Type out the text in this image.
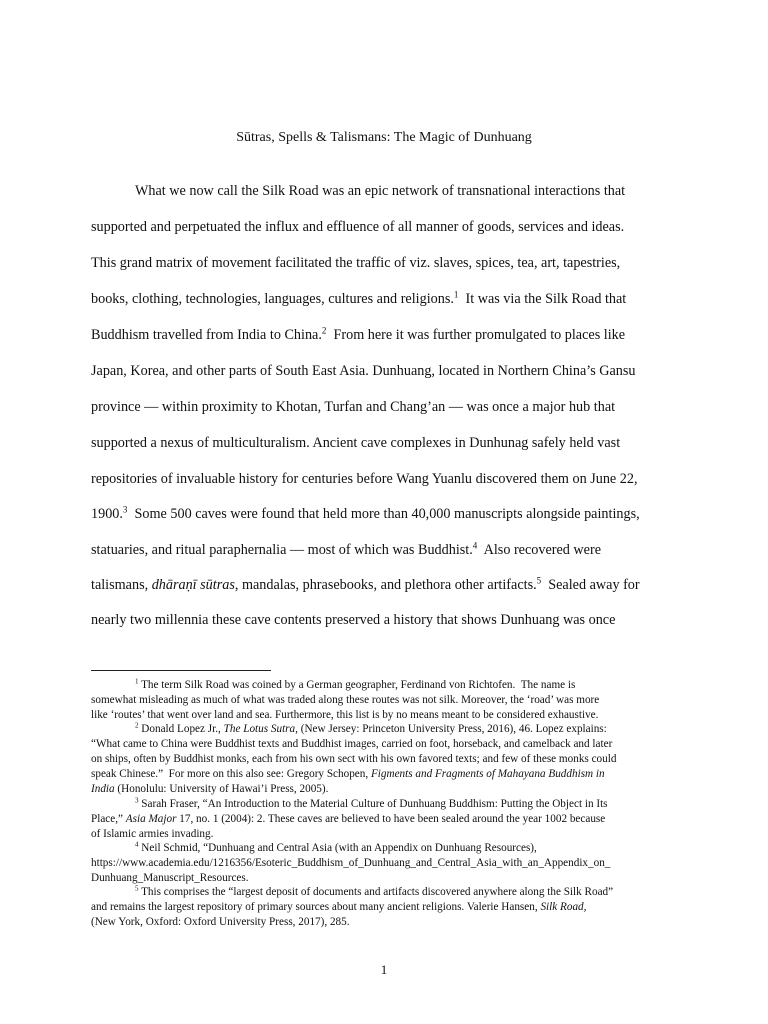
Sūtras, Spells & Talismans: The Magic of Dunhuang
What we now call the Silk Road was an epic network of transnational interactions that
supported and perpetuated the influx and effluence of all manner of goods, services and ideas.
This grand matrix of movement facilitated the traffic of viz. slaves, spices, tea, art, tapestries,
books, clothing, technologies, languages, cultures and religions.$^1$  It was via the Silk Road that
Buddhism travelled from India to China.$^2$  From here it was further promulgated to places like
Japan, Korea, and other parts of South East Asia. Dunhuang, located in Northern China’s Gansu
province — within proximity to Khotan, Turfan and Chang’an — was once a major hub that
supported a nexus of multiculturalism. Ancient cave complexes in Dunhunag safely held vast
repositories of invaluable history for centuries before Wang Yuanlu discovered them on June 22,
1900.$^3$  Some 500 caves were found that held more than 40,000 manuscripts alongside paintings,
statuaries, and ritual paraphernalia — most of which was Buddhist.$^4$  Also recovered were
talismans, dhāraṇī sūtras, mandalas, phrasebooks, and plethora other artifacts.$^5$  Sealed away for
nearly two millennia these cave contents preserved a history that shows Dunhuang was once
$^1$ The term Silk Road was coined by a German geographer, Ferdinand von Richtofen.  The name is
somewhat misleading as much of what was traded along these routes was not silk. Moreover, the ‘road’ was more
like ‘routes’ that went over land and sea. Furthermore, this list is by no means meant to be considered exhaustive.
$^2$ Donald Lopez Jr., The Lotus Sutra, (New Jersey: Princeton University Press, 2016), 46. Lopez explains:
“What came to China were Buddhist texts and Buddhist images, carried on foot, horseback, and camelback and later
on ships, often by Buddhist monks, each from his own sect with his own favored texts; and few of these monks could
speak Chinese.”  For more on this also see: Gregory Schopen, Figments and Fragments of Mahayana Buddhism in
India (Honolulu: University of Hawai’i Press, 2005).
$^3$ Sarah Fraser, “An Introduction to the Material Culture of Dunhuang Buddhism: Putting the Object in Its
Place,” Asia Major 17, no. 1 (2004): 2. These caves are believed to have been sealed around the year 1002 because
of Islamic armies invading.
$^4$ Neil Schmid, “Dunhuang and Central Asia (with an Appendix on Dunhuang Resources),
https://www.academia.edu/1216356/Esoteric_Buddhism_of_Dunhuang_and_Central_Asia_with_an_Appendix_on_
Dunhuang_Manuscript_Resources.
$^5$ This comprises the “largest deposit of documents and artifacts discovered anywhere along the Silk Road”
and remains the largest repository of primary sources about many ancient religions. Valerie Hansen, Silk Road,
(New York, Oxford: Oxford University Press, 2017), 285.
1
